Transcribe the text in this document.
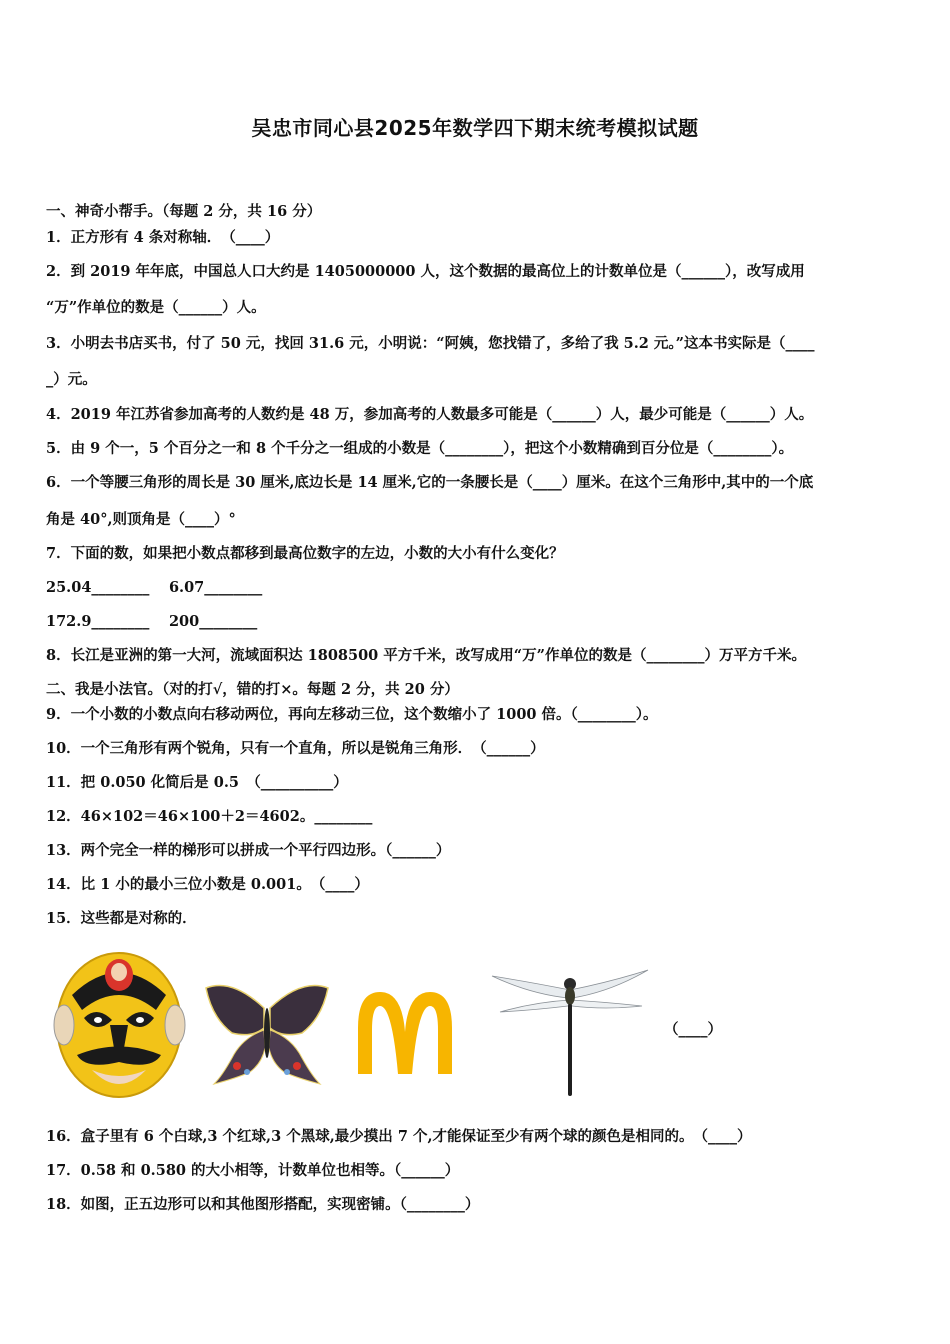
吴忠市同心县2025年数学四下期末统考模拟试题
一、神奇小帮手。（每题 2 分，共 16 分）
1．正方形有 4 条对称轴．　（____）
2．到 2019 年年底，中国总人口大约是 1405000000 人，这个数据的最高位上的计数单位是（______），改写成用
“万”作单位的数是（______）人。
3．小明去书店买书，付了 50 元，找回 31.6 元，小明说：“阿姨，您找错了，多给了我 5.2 元。”这本书实际是（____
_）元。
4．2019 年江苏省参加高考的人数约是 48 万，参加高考的人数最多可能是（______）人，最少可能是（______）人。
5．由 9 个一，5 个百分之一和 8 个千分之一组成的小数是（________），把这个小数精确到百分位是（________）。
6．一个等腰三角形的周长是 30 厘米,底边长是 14 厘米,它的一条腰长是（____）厘米。在这个三角形中,其中的一个底
角是 40°,则顶角是（____）°
7．下面的数，如果把小数点都移到最高位数字的左边，小数的大小有什么变化？
25.04________　 6.07________
172.9________　 200________
8．长江是亚洲的第一大河，流域面积达 1808500 平方千米，改写成用“万”作单位的数是（________）万平方千米。
二、我是小法官。（对的打√，错的打×。每题 2 分，共 20 分）
9．一个小数的小数点向右移动两位，再向左移动三位，这个数缩小了 1000 倍。（________）。
10．一个三角形有两个锐角，只有一个直角，所以是锐角三角形．　（______）
11．把 0.050 化简后是 0.5　（__________）
12．46×102＝46×100＋2＝4602。________
13．两个完全一样的梯形可以拼成一个平行四边形。（______）
14．比 1 小的最小三位小数是 0.001。　（____）
15．这些都是对称的．
（____）
16．盒子里有 6 个白球,3 个红球,3 个黑球,最少摸出 7 个,才能保证至少有两个球的颜色是相同的。　（____）
17．0.58 和 0.580 的大小相等，计数单位也相等。（______）
18．如图，正五边形可以和其他图形搭配，实现密铺。（________）
